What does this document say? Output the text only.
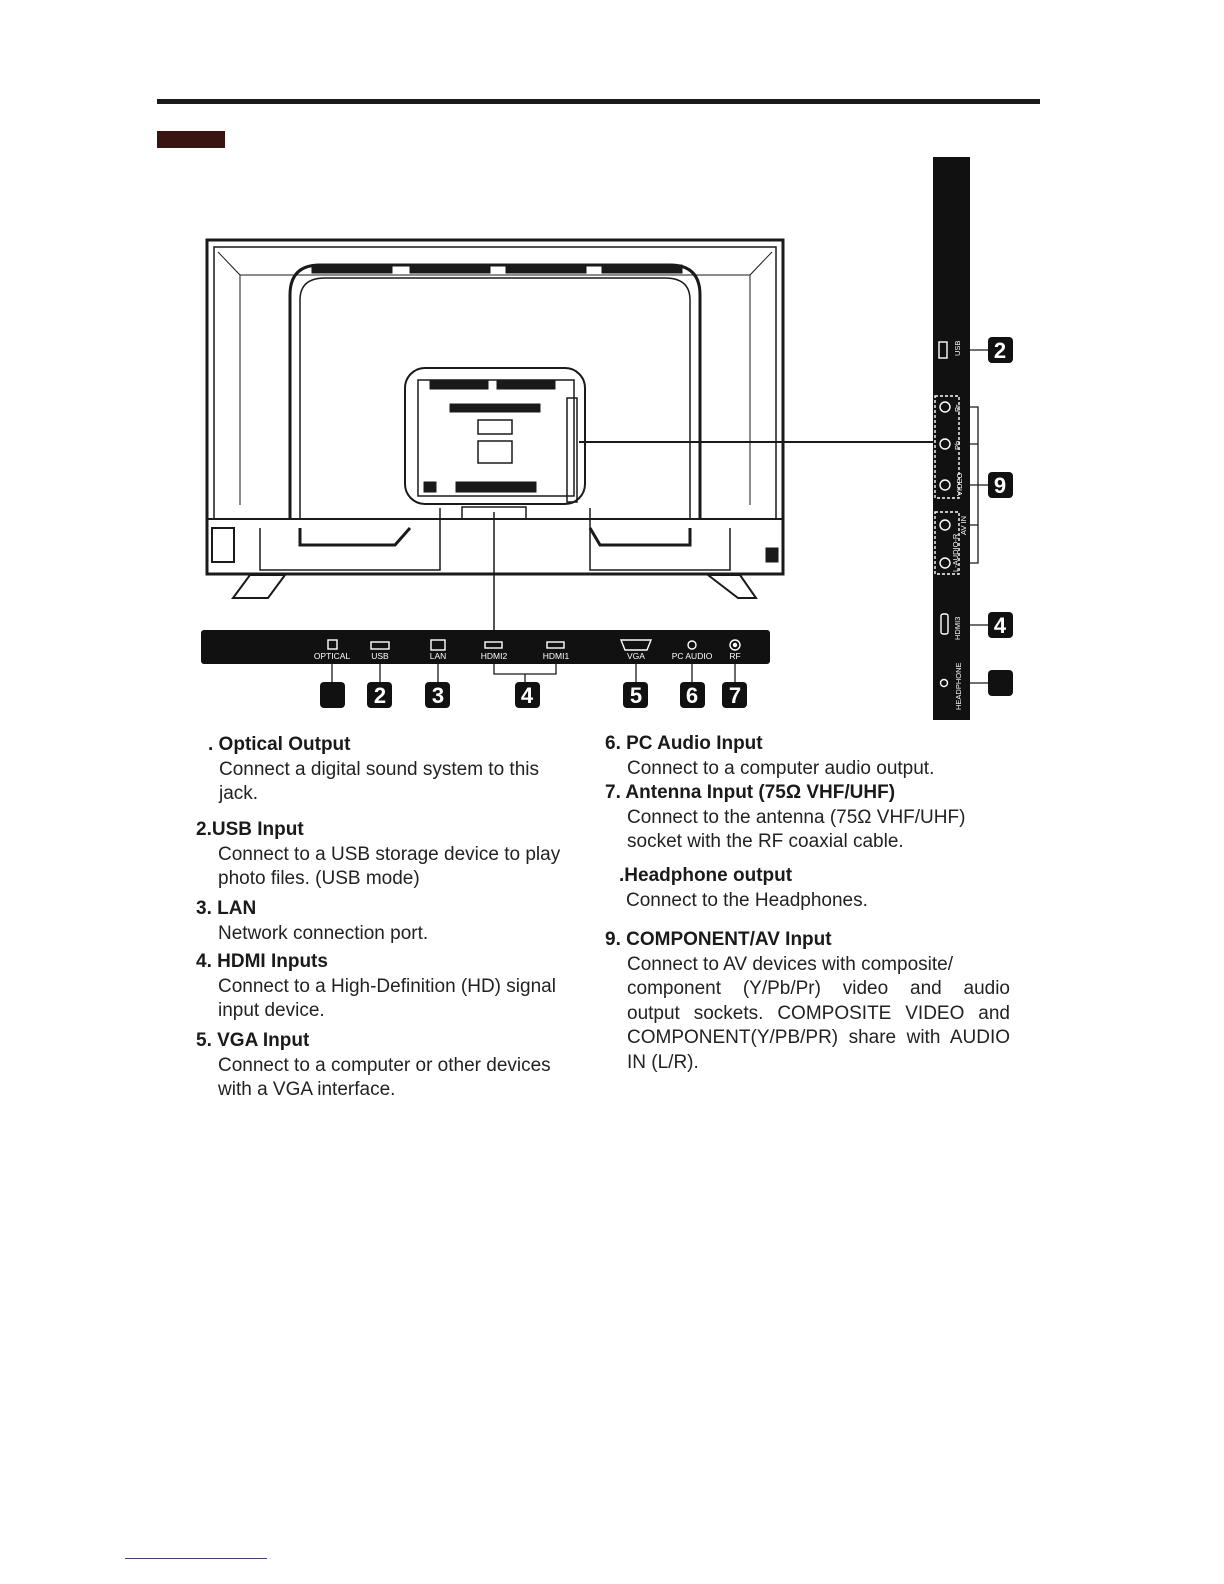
OPTICAL USB	LAN	HDMI2	HDMI1	VGA	PC AUDIO RF
2 3	4	5 6 7
USB
Pr
Pb
VIDEO
L-AUDIO-R
AV IN
HDMI3
HEADPHONE
2
9
4
. Optical Output
Connect a digital sound system to this
jack.
2.USB Input
Connect to a USB storage device to play
photo files. (USB mode)
3. LAN
Network connection port.
4. HDMI Inputs
Connect to a High-Definition (HD) signal
input device.
5. VGA Input
Connect to a computer or other devices
with a VGA interface.
6. PC Audio Input
Connect to a computer audio output.
7. Antenna Input (75Ω VHF/UHF)
Connect to the antenna (75Ω VHF/UHF)
socket with the RF coaxial cable.
.Headphone output
Connect to the Headphones.
9. COMPONENT/AV Input
Connect to AV devices with composite/
component (Y/Pb/Pr) video and audio
output sockets. COMPOSITE VIDEO and
COMPONENT(Y/PB/PR) share with AUDIO
IN (L/R).
